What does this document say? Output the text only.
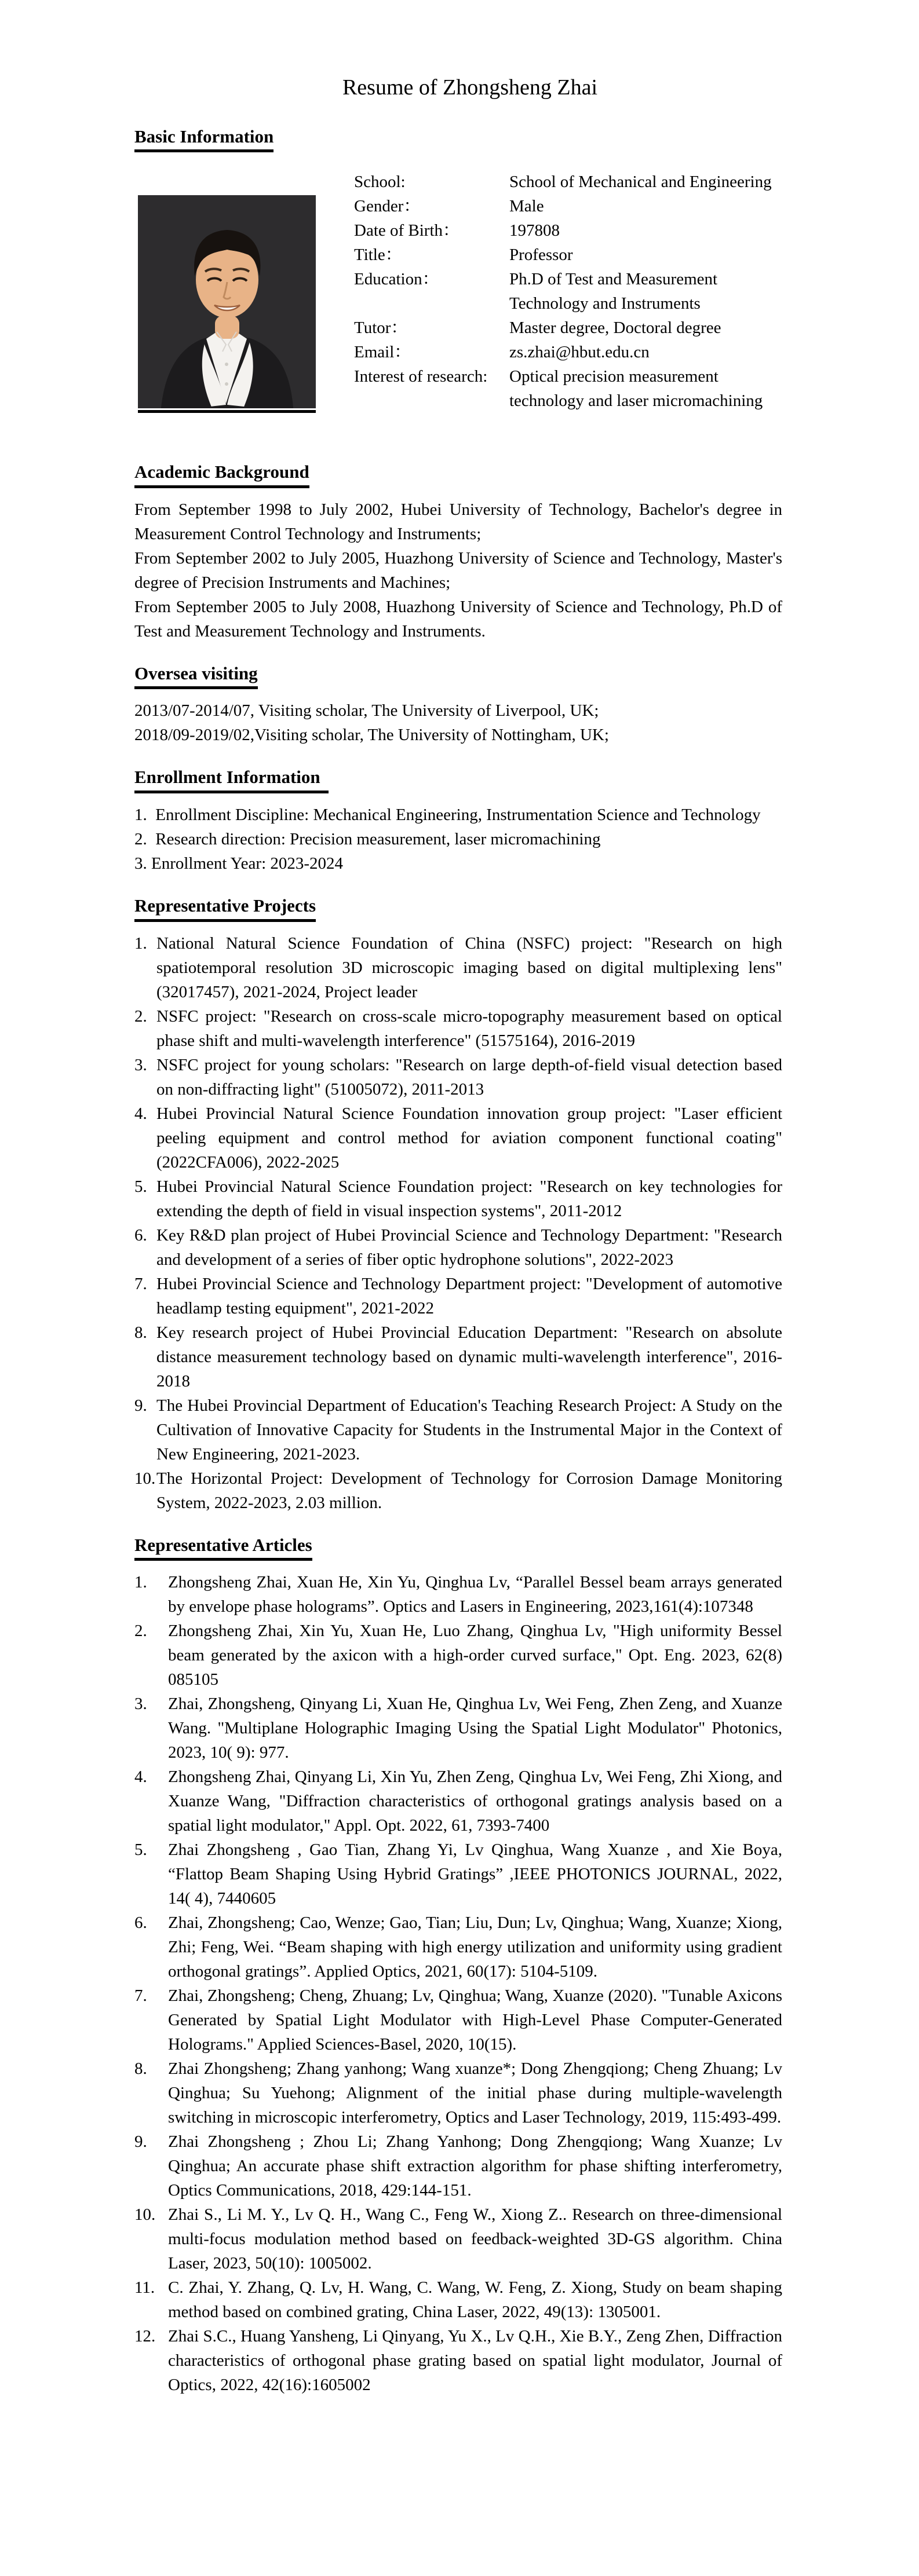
Resume of Zhongsheng Zhai
Basic Information
School:	School of Mechanical and Engineering
Gender：	Male
Date of Birth：	197808
Title：	Professor
Education：	Ph.D of Test and Measurement Technology and Instruments
Tutor：	Master degree, Doctoral degree
Email：	zs.zhai@hbut.edu.cn
Interest of research:	Optical precision measurement technology and laser micromachining
Academic Background

From September 1998 to July 2002, Hubei University of Technology, Bachelor's degree in Measurement Control Technology and Instruments;

From September 2002 to July 2005, Huazhong University of Science and Technology, Master's degree of Precision Instruments and Machines;

From September 2005 to July 2008, Huazhong University of Science and Technology, Ph.D of Test and Measurement Technology and Instruments.

Oversea visiting

2013/07-2014/07, Visiting scholar, The University of Liverpool, UK;

2018/09-2019/02,Visiting scholar, The University of Nottingham, UK;

Enrollment Information

1.  Enrollment Discipline: Mechanical Engineering, Instrumentation Science and Technology

2.  Research direction: Precision measurement, laser micromachining

3. Enrollment Year: 2023-2024

Representative Projects
1. National Natural Science Foundation of China (NSFC) project: "Research on high spatiotemporal resolution 3D microscopic imaging based on digital multiplexing lens" (32017457), 2021-2024, Project leader
2. NSFC project: "Research on cross-scale micro-topography measurement based on optical phase shift and multi-wavelength interference" (51575164), 2016-2019
3. NSFC project for young scholars: "Research on large depth-of-field visual detection based on non-diffracting light" (51005072), 2011-2013
4. Hubei Provincial Natural Science Foundation innovation group project: "Laser efficient peeling equipment and control method for aviation component functional coating" (2022CFA006), 2022-2025
5. Hubei Provincial Natural Science Foundation project: "Research on key technologies for extending the depth of field in visual inspection systems", 2011-2012
6. Key R&D plan project of Hubei Provincial Science and Technology Department: "Research and development of a series of fiber optic hydrophone solutions", 2022-2023
7. Hubei Provincial Science and Technology Department project: "Development of automotive headlamp testing equipment", 2021-2022
8. Key research project of Hubei Provincial Education Department: "Research on absolute distance measurement technology based on dynamic multi-wavelength interference", 2016-2018
9. The Hubei Provincial Department of Education's Teaching Research Project: A Study on the Cultivation of Innovative Capacity for Students in the Instrumental Major in the Context of New Engineering, 2021-2023.
10.The Horizontal Project: Development of Technology for Corrosion Damage Monitoring System, 2022-2023, 2.03 million.
Representative Articles
1. Zhongsheng Zhai, Xuan He, Xin Yu, Qinghua Lv, “Parallel Bessel beam arrays generated by envelope phase holograms”. Optics and Lasers in Engineering, 2023,161(4):107348
2. Zhongsheng Zhai, Xin Yu, Xuan He, Luo Zhang, Qinghua Lv, "High uniformity Bessel beam generated by the axicon with a high-order curved surface," Opt. Eng. 2023, 62(8) 085105
3. Zhai, Zhongsheng, Qinyang Li, Xuan He, Qinghua Lv, Wei Feng, Zhen Zeng, and Xuanze Wang. "Multiplane Holographic Imaging Using the Spatial Light Modulator" Photonics, 2023, 10( 9): 977.
4. Zhongsheng Zhai, Qinyang Li, Xin Yu, Zhen Zeng, Qinghua Lv, Wei Feng, Zhi Xiong, and Xuanze Wang, "Diffraction characteristics of orthogonal gratings analysis based on a spatial light modulator," Appl. Opt. 2022, 61, 7393-7400
5. Zhai Zhongsheng , Gao Tian, Zhang Yi, Lv Qinghua, Wang Xuanze , and Xie Boya, “Flattop Beam Shaping Using Hybrid Gratings” ,IEEE PHOTONICS JOURNAL, 2022, 14( 4), 7440605
6. Zhai, Zhongsheng; Cao, Wenze; Gao, Tian; Liu, Dun; Lv, Qinghua; Wang, Xuanze; Xiong, Zhi; Feng, Wei. “Beam shaping with high energy utilization and uniformity using gradient orthogonal gratings”. Applied Optics, 2021, 60(17): 5104-5109.
7. Zhai, Zhongsheng; Cheng, Zhuang; Lv, Qinghua; Wang, Xuanze (2020). "Tunable Axicons Generated by Spatial Light Modulator with High-Level Phase Computer-Generated Holograms." Applied Sciences-Basel, 2020, 10(15).
8. Zhai Zhongsheng; Zhang yanhong; Wang xuanze*; Dong Zhengqiong; Cheng Zhuang; Lv Qinghua; Su Yuehong; Alignment of the initial phase during multiple-wavelength switching in microscopic interferometry, Optics and Laser Technology, 2019, 115:493-499.
9. Zhai Zhongsheng ; Zhou Li; Zhang Yanhong; Dong Zhengqiong; Wang Xuanze; Lv Qinghua; An accurate phase shift extraction algorithm for phase shifting interferometry, Optics Communications, 2018, 429:144-151.
10. Zhai S., Li M. Y., Lv Q. H., Wang C., Feng W., Xiong Z.. Research on three-dimensional multi-focus modulation method based on feedback-weighted 3D-GS algorithm. China Laser, 2023, 50(10): 1005002.
11. C. Zhai, Y. Zhang, Q. Lv, H. Wang, C. Wang, W. Feng, Z. Xiong, Study on beam shaping method based on combined grating, China Laser, 2022, 49(13): 1305001.
12. Zhai S.C., Huang Yansheng, Li Qinyang, Yu X., Lv Q.H., Xie B.Y., Zeng Zhen, Diffraction characteristics of orthogonal phase grating based on spatial light modulator, Journal of Optics, 2022, 42(16):1605002
